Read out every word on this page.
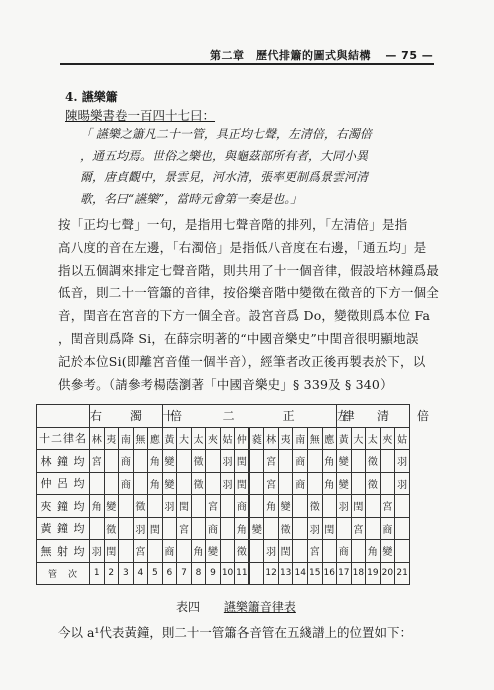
第二章　歷代排簫的圖式與結構 — 75 —
4. 讌樂簫
陳暘樂書卷一百四十七曰：
「 讌樂之簫凡二十一管，具正均七聲，左清倍，右濁倍
，通五均焉。世俗之樂也，與龜茲部所有者，大同小異
爾，唐貞觀中，景雲見，河水清，張率更制爲景雲河清
歌，名曰“讌樂”，當時元會第一奏是也。」
按「正均七聲」一句，是指用七聲音階的排列，「左清倍」是指
高八度的音在左邊，「右濁倍」是指低八音度在右邊，「通五均」是
指以五個調來排定七聲音階，則共用了十一個音律，假設培林鐘爲最
低音，則二十一管簫的音律，按俗樂音階中變徵在徵音的下方一個全
音，閏音在宮音的下方一個全音。設宮音爲 Do，變徵則爲本位 Fa
，閏音則爲降 Si，在薛宗明著的“中國音樂史”中閏音很明顯地誤
記於本位Si(即離宮音僅一個半音），經筆者改正後再製表於下，以
供參考。（請參考楊蔭瀏著「中國音樂史」§ 339及 § 340）
	右　濁　倍					十　　二　　正　　律												左　清　倍				
十二律名	林	夷	南	無	應	黃	大	太	夾	姑	仲	蕤	林	夷	南	無	應	黃	大	太	夾	姑
林 鐘 均	宮		商		角	變		徵		羽	閏		宮		商		角	變		徵		羽
仲 呂 均			商		角	變		徵		羽	閏		宮		商		角	變		徵		羽
夾 鐘 均	角	變		徵		羽	閏		宮		商		角	變		徵		羽	閏		宮	
黃 鐘 均		徵		羽	閏		宮		商		角	變		徵		羽	閏		宮		商	
無 射 均	羽	閏		宮		商		角	變		徵		羽	閏		宮		商		角	變	
管　次	1	2	3	4	5	6	7	8	9	10	11		12	13	14	15	16	17	18	19	20	21
表四 讌樂簫音律表
今以 a¹代表黃鐘，則二十一管簫各音管在五綫譜上的位置如下：
